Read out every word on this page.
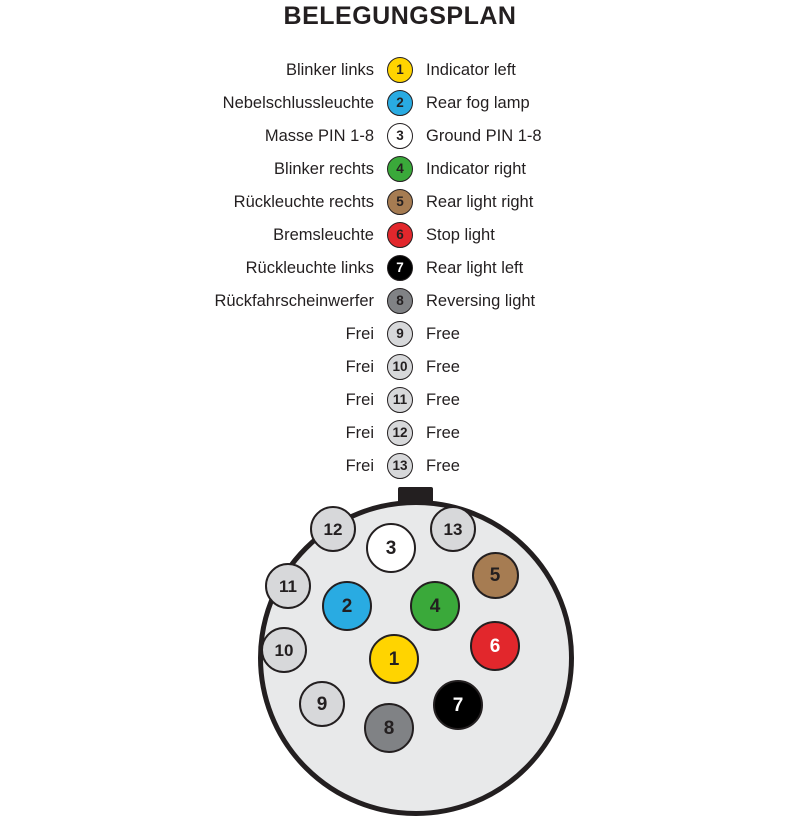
BELEGUNGSPLAN
Blinker links	1	Indicator left
Nebelschlussleuchte	2	Rear fog lamp
Masse PIN 1-8	3	Ground PIN 1-8
Blinker rechts	4	Indicator right
Rückleuchte rechts	5	Rear light right
Bremsleuchte	6	Stop light
Rückleuchte links	7	Rear light left
Rückfahrscheinwerfer	8	Reversing light
Frei	9	Free
Frei	10	Free
Frei	11	Free
Frei	12	Free
Frei	13	Free
1
2
3
4
5
6
7
8
9
10
11
12	13
